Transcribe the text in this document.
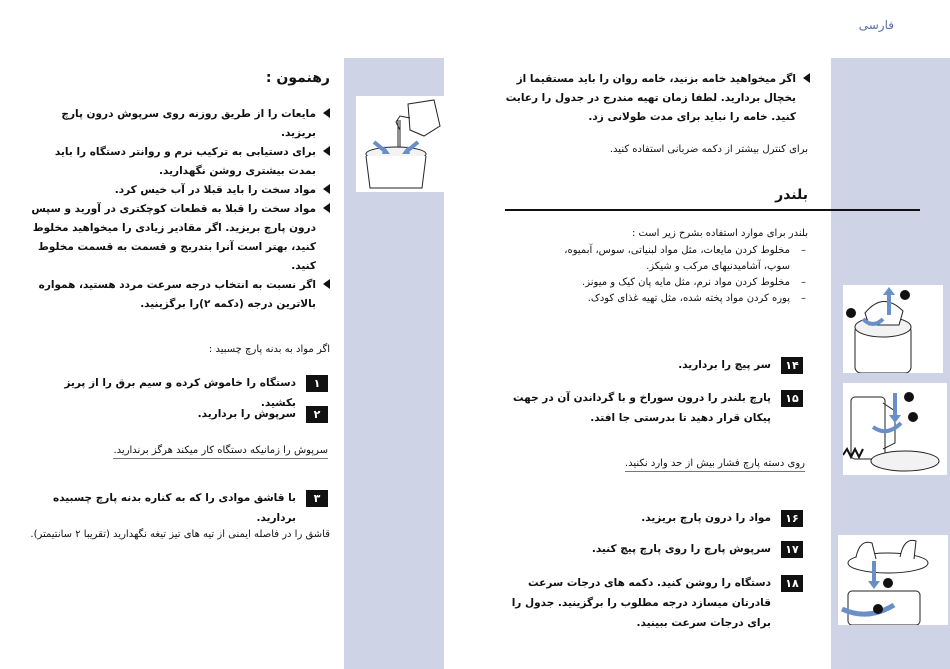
فارسی
رهنمون :
مایعات را از طریق روزنه روی سرپوش درون پارچ بریزید.
برای دستیابی به ترکیب نرم و روانتر دستگاه را باید بمدت بیشتری روشن نگهدارید.
مواد سخت را باید قبلا در آب خیس کرد.
مواد سخت را قبلا به قطعات کوچکتری در آورید و سپس درون پارچ بریزید. اگر مقادیر زیادی را میخواهید مخلوط کنید، بهتر است آنرا بتدریج و قسمت به قسمت مخلوط کنید.
اگر نسبت به انتخاب درجه سرعت مردد هستید، همواره بالاترین درجه (دکمه ۲)را برگزینید.
اگر مواد به بدنه پارچ چسبید :
۱
دستگاه را خاموش کرده و سیم برق را از پریز بکشید.
۲
سرپوش را بردارید.
سرپوش را زمانیکه دستگاه کار میکند هرگز برندارید.
۳
با قاشق موادی را که به کناره بدنه پارچ چسبیده بردارید.
قاشق را در فاصله ایمنی از تیه های تیز تیغه نگهدارید (تقریبا ۲ سانتیمتر).
اگر میخواهید خامه بزنید، خامه روان را باید مستقیما از یخچال بردارید. لطفا زمان تهیه مندرج در جدول را رعایت کنید. خامه را نباید برای مدت طولانی زد.
برای کنترل بیشتر از دکمه ضربانی استفاده کنید.
بلندر
بلندر برای موارد استفاده بشرح زیر است :
–
مخلوط کردن مایعات، مثل مواد لبنیاتی، سوس، آبمیوه، سوپ، آشامیدنیهای مرکب و شیکز.
–
مخلوط کردن مواد نرم، مثل مایه پان کیک و میونز.
–
پوره کردن مواد پخته شده، مثل تهیه غذای کودک.
۱۴
سر پیچ را بردارید.
۱۵
پارچ بلندر را درون سوراخ و با گرداندن آن در جهت پیکان قرار دهید تا بدرستی جا افتد.
روی دسته پارچ فشار بیش از حد وارد نکنید.
۱۶
مواد را درون پارچ بریزید.
۱۷
سرپوش پارچ را روی پارچ پیچ کنید.
۱۸
دستگاه را روشن کنید. دکمه های درجات سرعت قادرتان میسازد درجه مطلوب را برگزینید. جدول را برای درجات سرعت ببینید.
